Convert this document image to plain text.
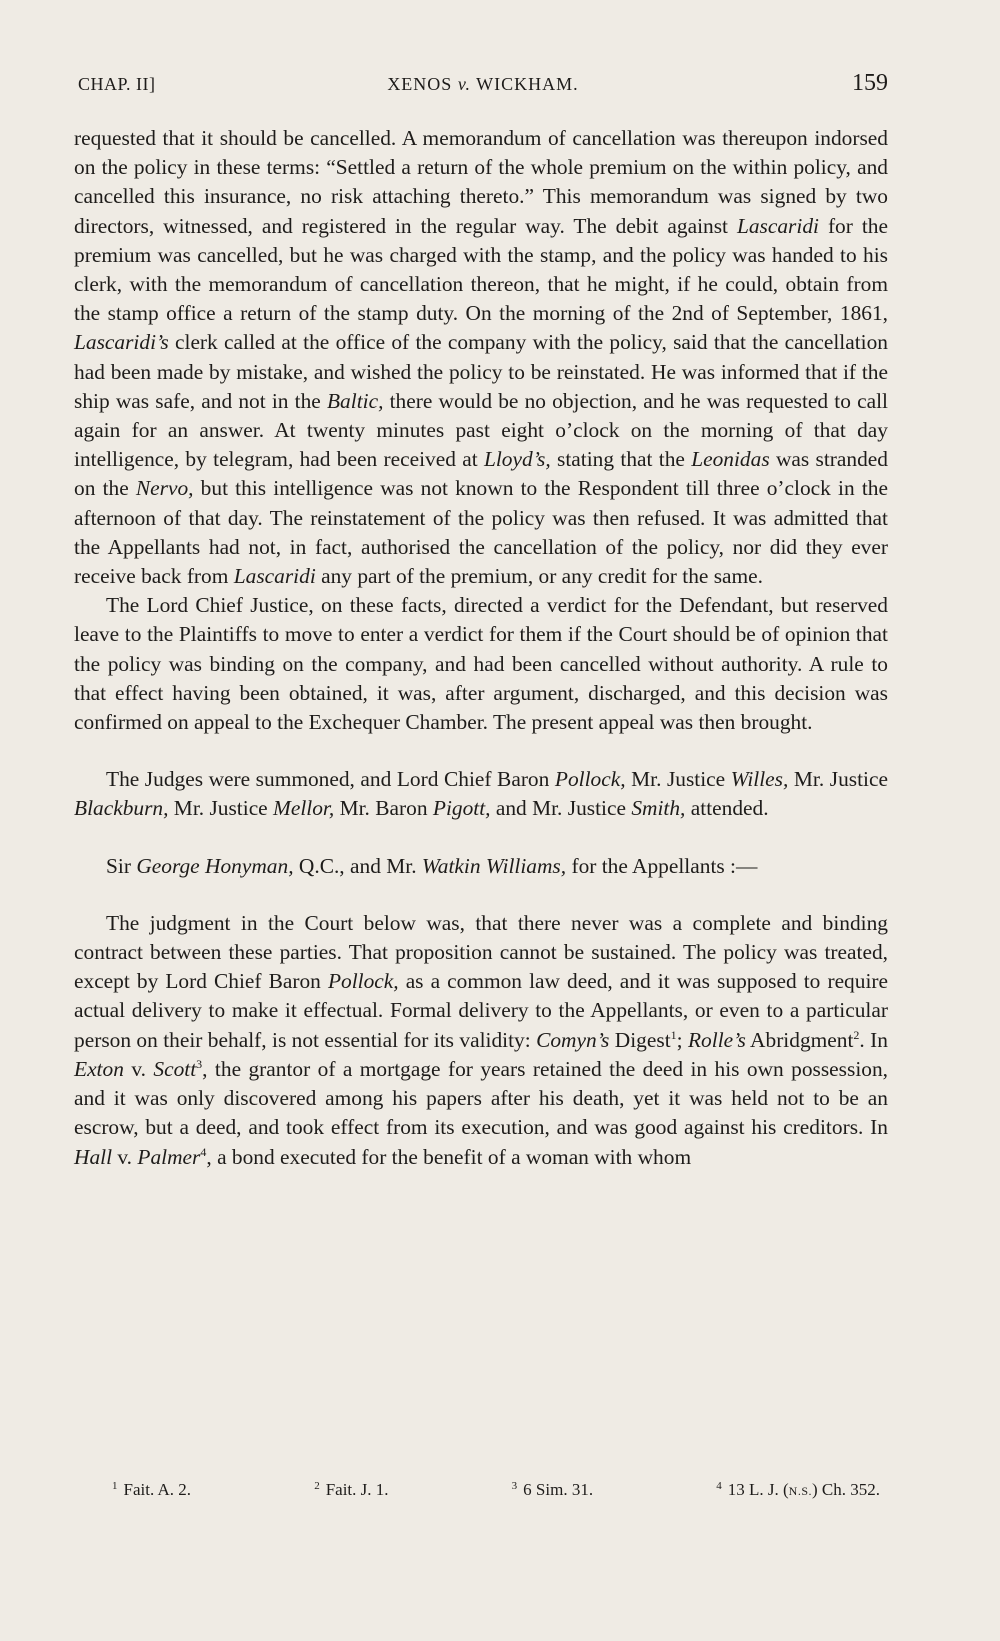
CHAP. II]	XENOS v. WICKHAM.	159

requested that it should be cancelled. A memorandum of cancellation was thereupon indorsed on the policy in these terms: “Settled a return of the whole premium on the within policy, and cancelled this insurance, no risk attaching thereto.” This memorandum was signed by two directors, witnessed, and registered in the regular way. The debit against Lascaridi for the premium was cancelled, but he was charged with the stamp, and the policy was handed to his clerk, with the memorandum of cancellation thereon, that he might, if he could, obtain from the stamp office a return of the stamp duty. On the morning of the 2nd of September, 1861, Lascaridi’s clerk called at the office of the company with the policy, said that the cancellation had been made by mistake, and wished the policy to be reinstated. He was informed that if the ship was safe, and not in the Baltic, there would be no objection, and he was requested to call again for an answer. At twenty minutes past eight o’clock on the morning of that day intelligence, by telegram, had been received at Lloyd’s, stating that the Leonidas was stranded on the Nervo, but this intelligence was not known to the Respondent till three o’clock in the afternoon of that day. The reinstatement of the policy was then refused. It was admitted that the Appellants had not, in fact, authorised the cancellation of the policy, nor did they ever receive back from Lascaridi any part of the premium, or any credit for the same.

The Lord Chief Justice, on these facts, directed a verdict for the Defendant, but reserved leave to the Plaintiffs to move to enter a verdict for them if the Court should be of opinion that the policy was binding on the company, and had been cancelled without authority. A rule to that effect having been obtained, it was, after argument, discharged, and this decision was confirmed on appeal to the Exchequer Chamber. The present appeal was then brought.

The Judges were summoned, and Lord Chief Baron Pollock, Mr. Justice Willes, Mr. Justice Blackburn, Mr. Justice Mellor, Mr. Baron Pigott, and Mr. Justice Smith, attended.

Sir George Honyman, Q.C., and Mr. Watkin Williams, for the Appellants :—

The judgment in the Court below was, that there never was a complete and binding contract between these parties. That proposition cannot be sustained. The policy was treated, except by Lord Chief Baron Pollock, as a common law deed, and it was supposed to require actual delivery to make it effectual. Formal delivery to the Appellants, or even to a particular person on their behalf, is not essential for its validity: Comyn’s Digest$^1$; Rolle’s Abridgment$^2$. In Exton v. Scott$^3$, the grantor of a mortgage for years retained the deed in his own possession, and it was only discovered among his papers after his death, yet it was held not to be an escrow, but a deed, and took effect from its execution, and was good against his creditors. In Hall v. Palmer$^4$, a bond executed for the benefit of a woman with whom

$^1$ Fait. A. 2.	$^2$ Fait. J. 1.	$^3$ 6 Sim. 31.	$^4$ 13 L. J. (N.S.) Ch. 352.
